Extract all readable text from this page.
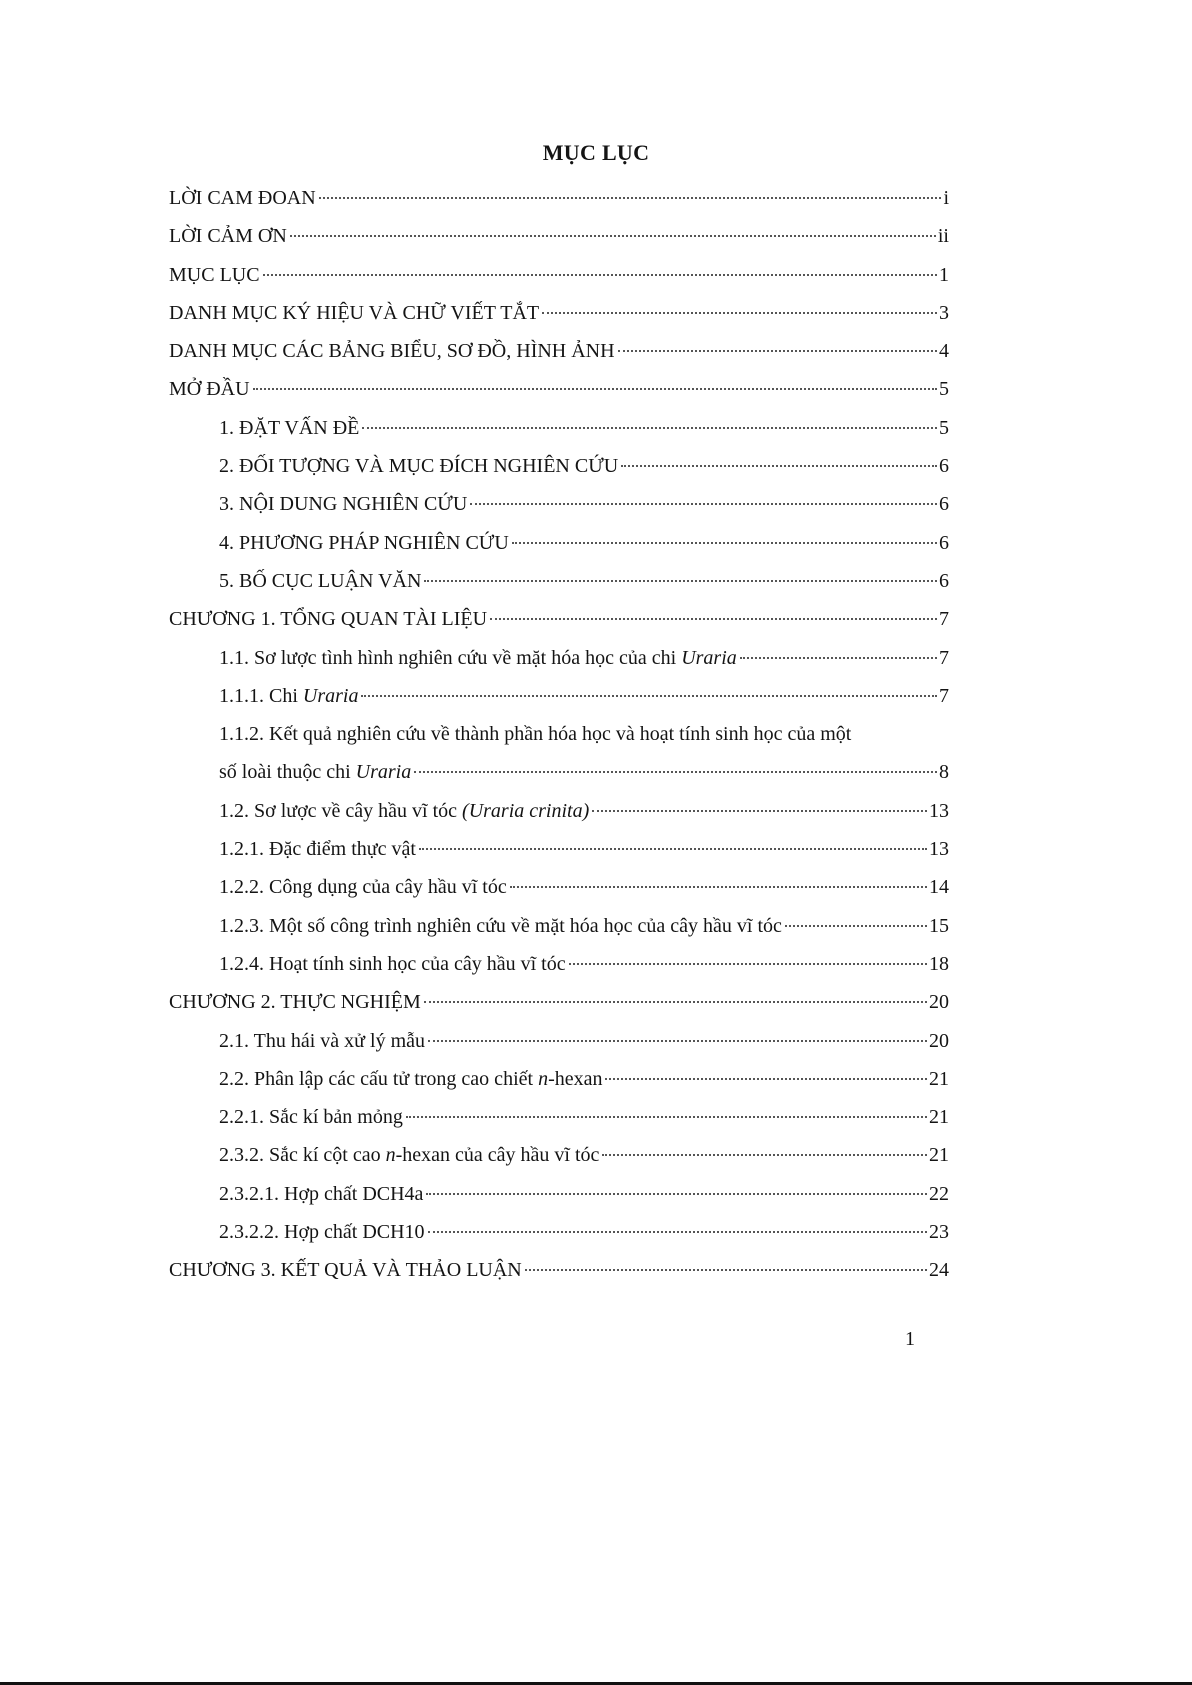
MỤC LỤC
LỜI CAM ĐOAN	i
LỜI CẢM ƠN	ii
MỤC LỤC	1
DANH MỤC KÝ HIỆU VÀ CHỮ VIẾT TẮT	3
DANH MỤC CÁC BẢNG BIỂU, SƠ ĐỒ, HÌNH ẢNH	4
MỞ ĐẦU	5
1. ĐẶT VẤN ĐỀ	5
2. ĐỐI TƯỢNG VÀ MỤC ĐÍCH NGHIÊN CỨU	6
3. NỘI DUNG NGHIÊN CỨU	6
4. PHƯƠNG PHÁP NGHIÊN CỨU	6
5. BỐ CỤC LUẬN VĂN	6
CHƯƠNG 1. TỔNG QUAN TÀI LIỆU	7
1.1. Sơ lược tình hình nghiên cứu về mặt hóa học của chi Uraria	7
1.1.1. Chi Uraria	7
1.1.2. Kết quả nghiên cứu về thành phần hóa học và hoạt tính sinh học của một
số loài thuộc chi Uraria	8
1.2. Sơ lược về cây hầu vĩ tóc (Uraria crinita)	13
1.2.1. Đặc điểm thực vật	13
1.2.2. Công dụng của cây hầu vĩ tóc	14
1.2.3. Một số công trình nghiên cứu về mặt hóa học của cây hầu vĩ tóc	15
1.2.4. Hoạt tính sinh học của cây hầu vĩ tóc	18
CHƯƠNG 2. THỰC NGHIỆM	20
2.1. Thu hái và xử lý mẫu	20
2.2. Phân lập các cấu tử trong cao chiết n-hexan	21
2.2.1. Sắc kí bản mỏng	21
2.3.2. Sắc kí cột cao n-hexan của cây hầu vĩ tóc	21
2.3.2.1. Hợp chất DCH4a	22
2.3.2.2. Hợp chất DCH10	23
CHƯƠNG 3. KẾT QUẢ VÀ THẢO LUẬN	24
1
